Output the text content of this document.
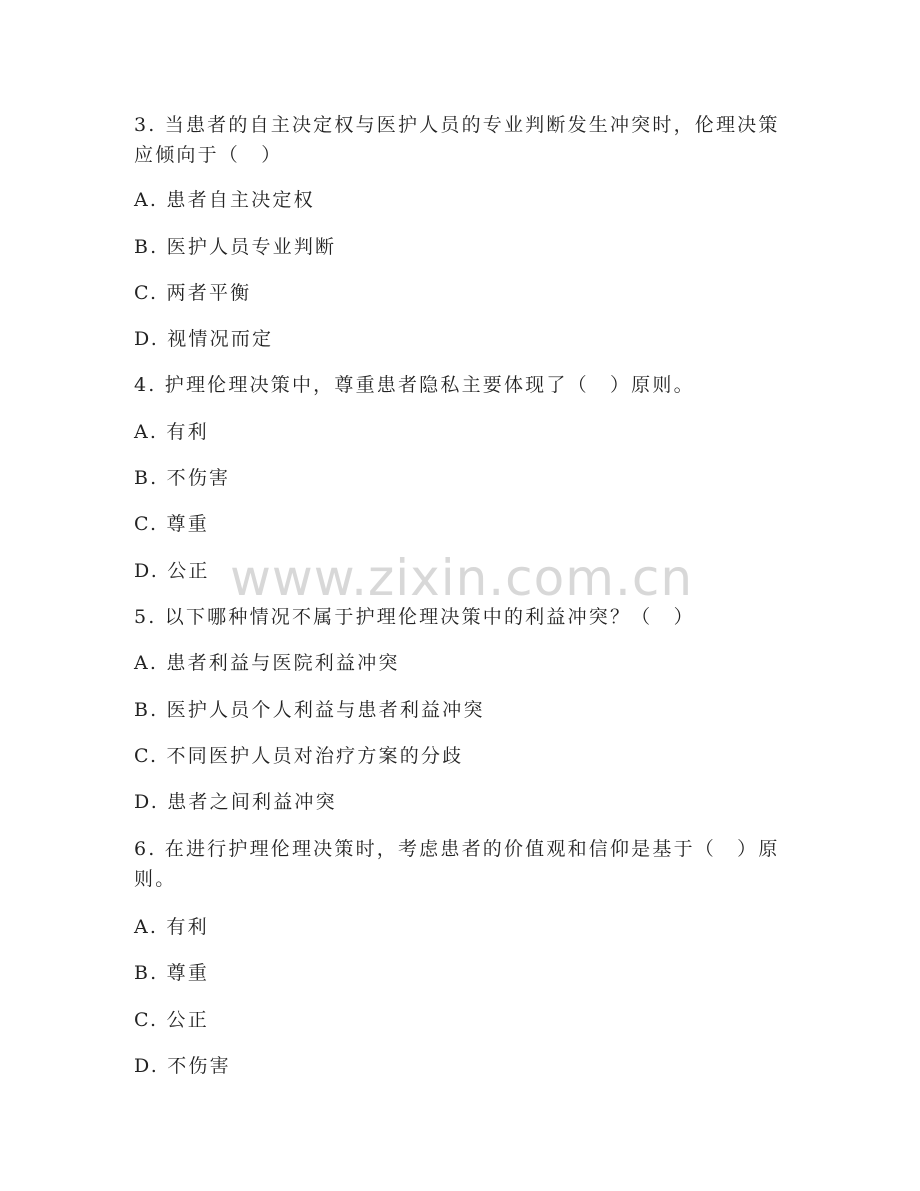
3. 当患者的自主决定权与医护人员的专业判断发生冲突时，伦理决策应倾向于（　）
A. 患者自主决定权
B. 医护人员专业判断
C. 两者平衡
D. 视情况而定
4. 护理伦理决策中，尊重患者隐私主要体现了（　）原则。
A. 有利
B. 不伤害
C. 尊重
D. 公正
5. 以下哪种情况不属于护理伦理决策中的利益冲突？（　）
A. 患者利益与医院利益冲突
B. 医护人员个人利益与患者利益冲突
C. 不同医护人员对治疗方案的分歧
D. 患者之间利益冲突
6. 在进行护理伦理决策时，考虑患者的价值观和信仰是基于（　）原则。
A. 有利
B. 尊重
C. 公正
D. 不伤害
www.zixin.com.cn
